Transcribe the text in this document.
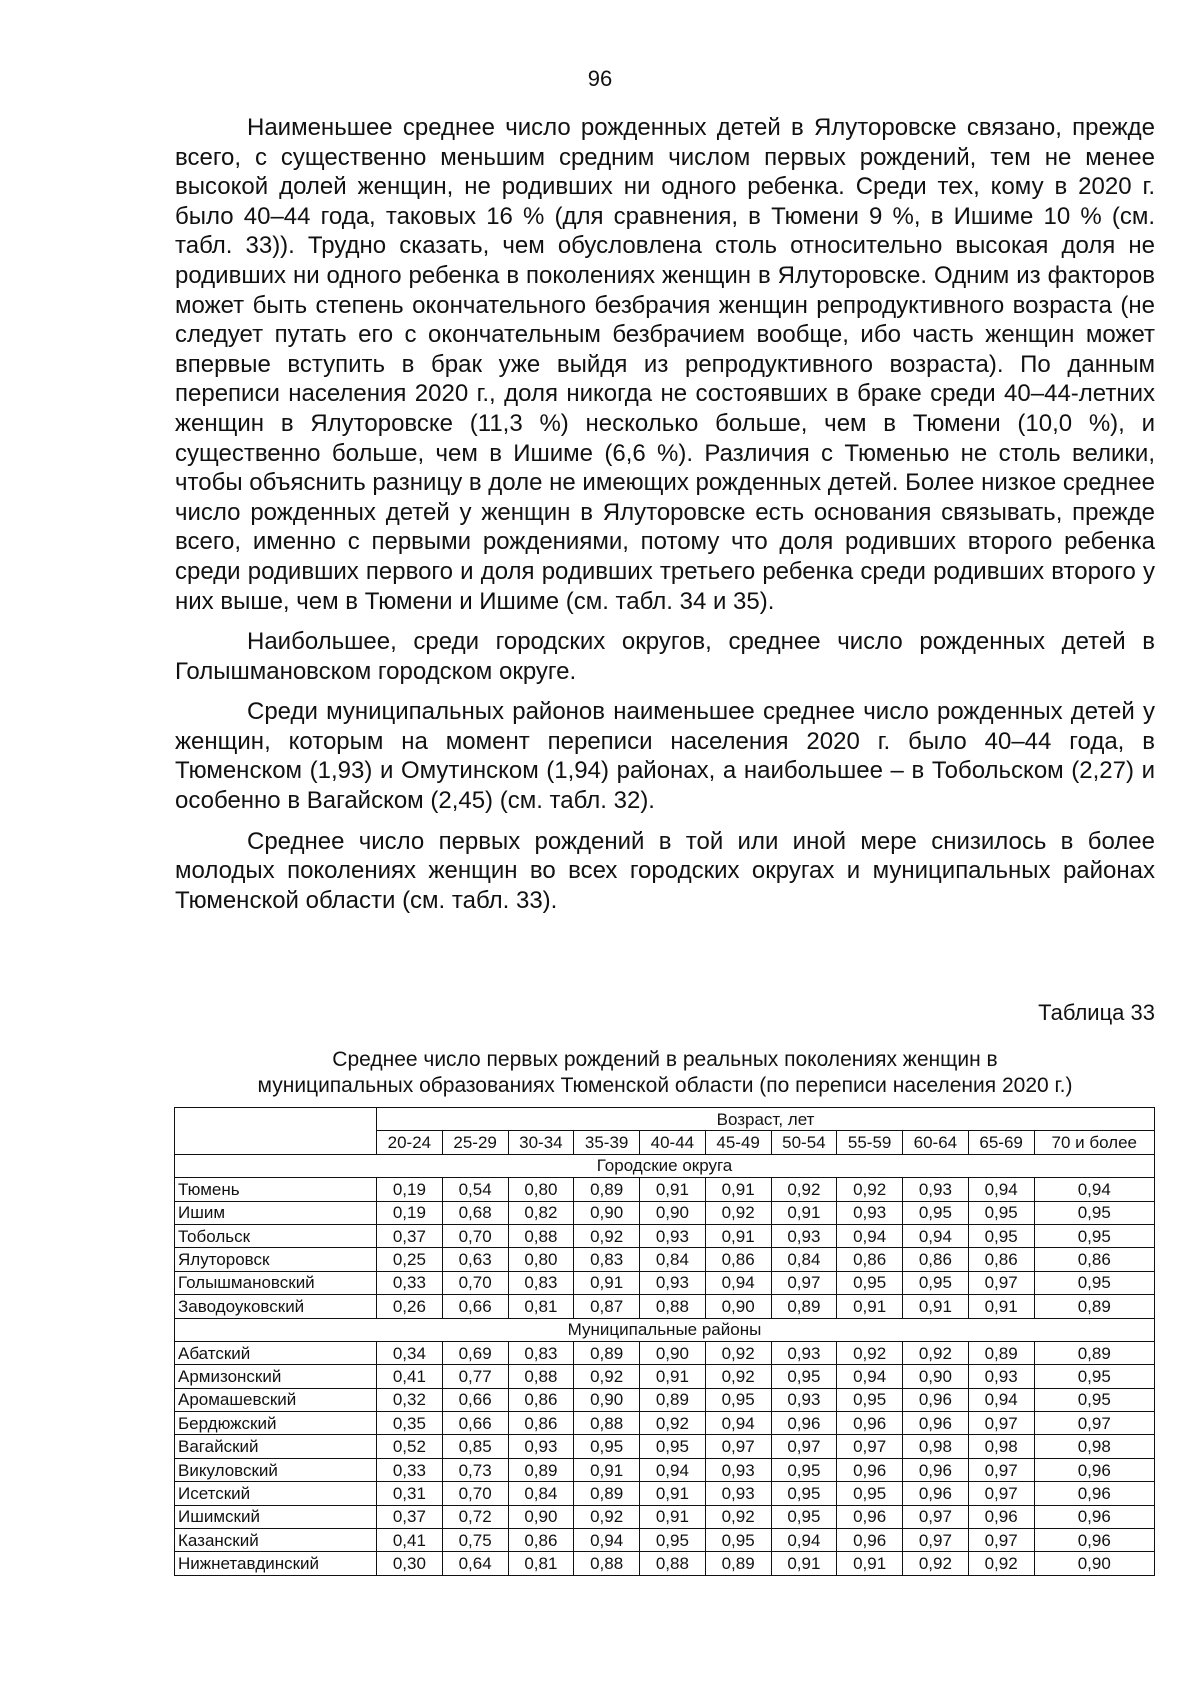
96

Наименьшее среднее число рожденных детей в Ялуторовске связано, прежде всего, с существенно меньшим средним числом первых рождений, тем не менее высокой долей женщин, не родивших ни одного ребенка. Среди тех, кому в 2020 г. было 40–44 года, таковых 16 % (для сравнения, в Тюмени 9 %, в Ишиме 10 % (см. табл. 33)). Трудно сказать, чем обусловлена столь относительно высокая доля не родивших ни одного ребенка в поколениях женщин в Ялуторовске. Одним из факторов может быть степень окончательного безбрачия женщин репродуктивного возраста (не следует путать его с окончательным безбрачием вообще, ибо часть женщин может впервые вступить в брак уже выйдя из репродуктивного возраста). По данным переписи населения 2020 г., доля никогда не состоявших в браке среди 40–44-летних женщин в Ялуторовске (11,3 %) несколько больше, чем в Тюмени (10,0 %), и существенно больше, чем в Ишиме (6,6 %). Различия с Тюменью не столь велики, чтобы объяснить разницу в доле не имеющих рожденных детей. Более низкое среднее число рожденных детей у женщин в Ялуторовске есть основания связывать, прежде всего, именно с первыми рождениями, потому что доля родивших второго ребенка среди родивших первого и доля родивших третьего ребенка среди родивших второго у них выше, чем в Тюмени и Ишиме (см. табл. 34 и 35).

Наибольшее, среди городских округов, среднее число рожденных детей в Голышмановском городском округе.

Среди муниципальных районов наименьшее среднее число рожденных детей у женщин, которым на момент переписи населения 2020 г. было 40–44 года, в Тюменском (1,93) и Омутинском (1,94) районах, а наибольшее – в Тобольском (2,27) и особенно в Вагайском (2,45) (см. табл. 32).

Среднее число первых рождений в той или иной мере снизилось в более молодых поколениях женщин во всех городских округах и муниципальных районах Тюменской области (см. табл. 33).

Таблица 33
Среднее число первых рождений в реальных поколениях женщин в
муниципальных образованиях Тюменской области (по переписи населения 2020 г.)
	Возраст, лет										
	20-24	25-29	30-34	35-39	40-44	45-49	50-54	55-59	60-64	65-69	70 и более
Городские округа											
Тюмень	0,19	0,54	0,80	0,89	0,91	0,91	0,92	0,92	0,93	0,94	0,94
Ишим	0,19	0,68	0,82	0,90	0,90	0,92	0,91	0,93	0,95	0,95	0,95
Тобольск	0,37	0,70	0,88	0,92	0,93	0,91	0,93	0,94	0,94	0,95	0,95
Ялуторовск	0,25	0,63	0,80	0,83	0,84	0,86	0,84	0,86	0,86	0,86	0,86
Голышмановский	0,33	0,70	0,83	0,91	0,93	0,94	0,97	0,95	0,95	0,97	0,95
Заводоуковский	0,26	0,66	0,81	0,87	0,88	0,90	0,89	0,91	0,91	0,91	0,89
Муниципальные районы											
Абатский	0,34	0,69	0,83	0,89	0,90	0,92	0,93	0,92	0,92	0,89	0,89
Армизонский	0,41	0,77	0,88	0,92	0,91	0,92	0,95	0,94	0,90	0,93	0,95
Аромашевский	0,32	0,66	0,86	0,90	0,89	0,95	0,93	0,95	0,96	0,94	0,95
Бердюжский	0,35	0,66	0,86	0,88	0,92	0,94	0,96	0,96	0,96	0,97	0,97
Вагайский	0,52	0,85	0,93	0,95	0,95	0,97	0,97	0,97	0,98	0,98	0,98
Викуловский	0,33	0,73	0,89	0,91	0,94	0,93	0,95	0,96	0,96	0,97	0,96
Исетский	0,31	0,70	0,84	0,89	0,91	0,93	0,95	0,95	0,96	0,97	0,96
Ишимский	0,37	0,72	0,90	0,92	0,91	0,92	0,95	0,96	0,97	0,96	0,96
Казанский	0,41	0,75	0,86	0,94	0,95	0,95	0,94	0,96	0,97	0,97	0,96
Нижнетавдинский	0,30	0,64	0,81	0,88	0,88	0,89	0,91	0,91	0,92	0,92	0,90
